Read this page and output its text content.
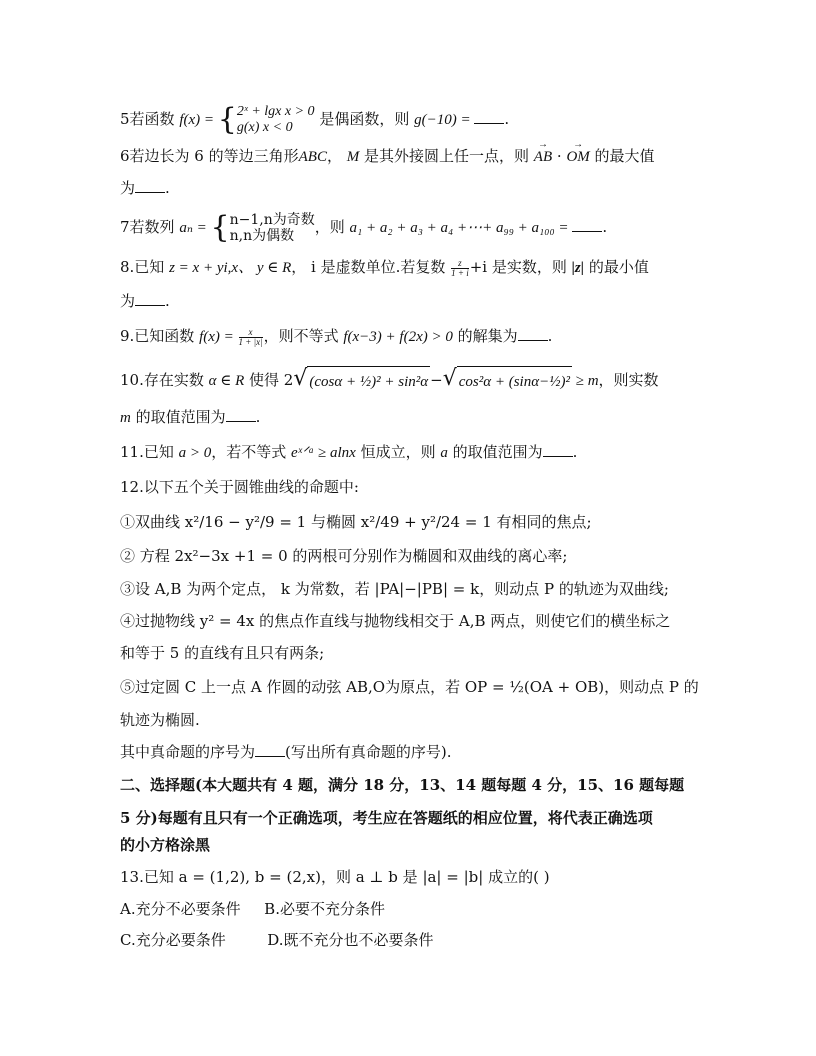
5若函数 f(x) = { 2ˣ + lgx x > 0
g(x) x < 0	是偶函数，则 g(−10) = .
6若边长为 6 的等边三角形ABC， M 是其外接圆上任一点，则 → AB · → OM 的最大值
为 .
7若数列 aₙ = { n−1,n为奇数
n,n为偶数	，则 a₁ + a₂ + a₃ + a₄ +⋯+ a₉₉ + a₁₀₀ = .
8.已知 z = x + yi,x、 y ∈ R， i 是虚数单位.若复数 $\frac{z}{1 + i} +i$ 是实数，则 |z| 的最小值
为 .
9.已知函数 $f(x) = \frac{x}{1 + |x|}$ ，则不等式 f(x−3) + f(2x) > 0 的解集为 .
10.存在实数 α ∈ R 使得 2√ (cosα + ½)² + sin²α −√ cos²α + (sinα−½)² ≥ m，则实数
m 的取值范围为 .
11.已知 a > 0，若不等式 eˣᐟᵃ ≥ alnx 恒成立，则 a 的取值范围为 .
12.以下五个关于圆锥曲线的命题中:
①双曲线 x²/16 − y²/9 = 1 与椭圆 x²/49 + y²/24 = 1 有相同的焦点;
② 方程 2x²−3x +1 = 0 的两根可分别作为椭圆和双曲线的离心率;
③设 A,B 为两个定点， k 为常数，若 |PA|−|PB| = k，则动点 P 的轨迹为双曲线;
④过抛物线 y² = 4x 的焦点作直线与抛物线相交于 A,B 两点，则使它们的横坐标之
和等于 5 的直线有且只有两条;
⑤过定圆 C 上一点 A 作圆的动弦 AB,O为原点，若 OP = ½(OA + OB)，则动点 P 的
轨迹为椭圆.
其中真命题的序号为 (写出所有真命题的序号).
二、选择题(本大题共有 4 题，满分 18 分，13、14 题每题 4 分，15、16 题每题
5 分)每题有且只有一个正确选项，考生应在答题纸的相应位置，将代表正确选项
的小方格涂黑
13.已知 a = (1,2), b = (2,x)，则 a ⊥ b 是 |a| = |b| 成立的( )
A.充分不必要条件 B.必要不充分条件
C.充分必要条件	D.既不充分也不必要条件
